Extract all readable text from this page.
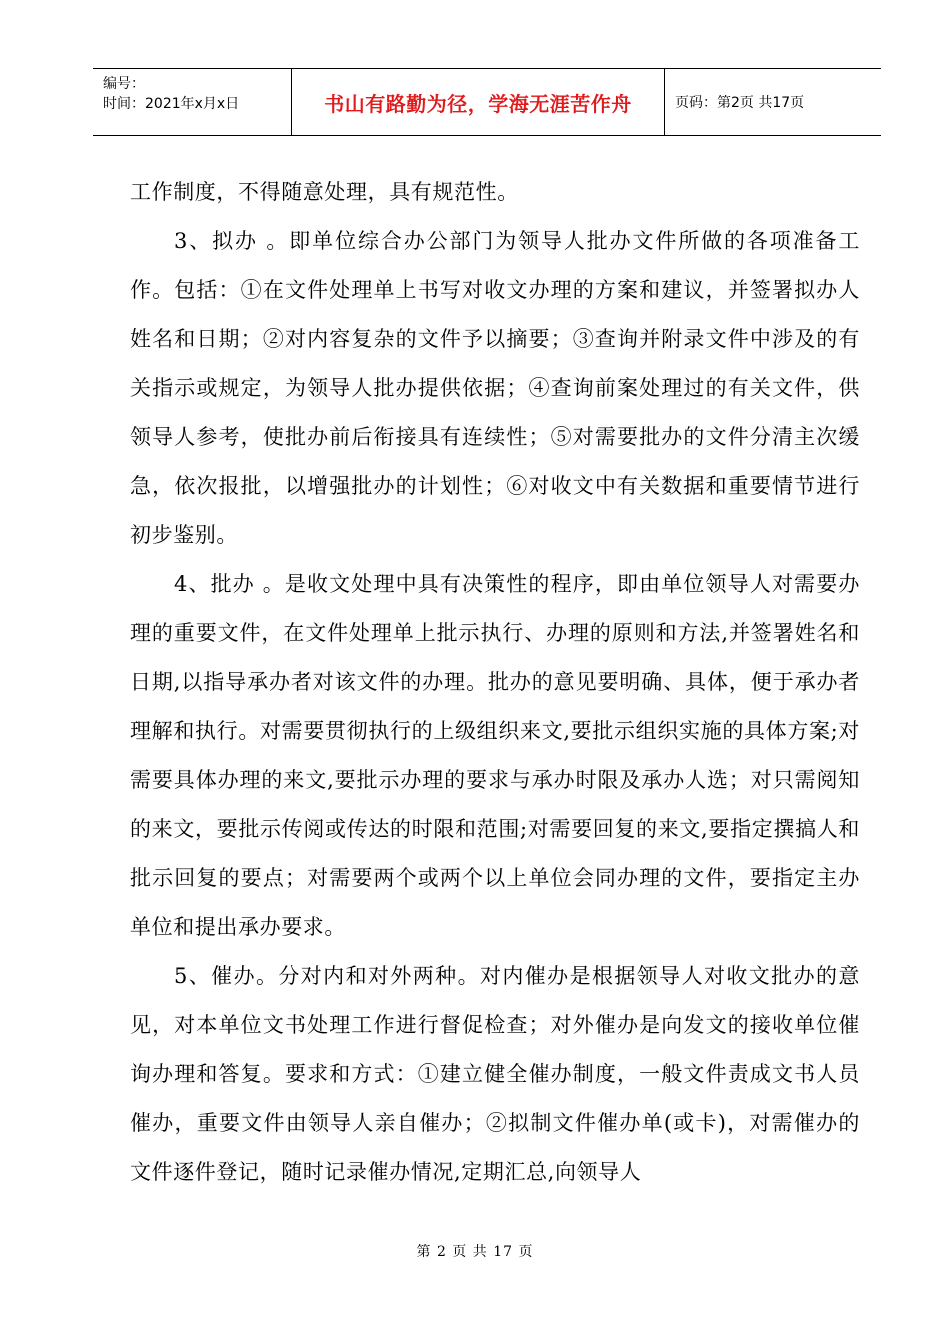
编号：
时间：2021年x月x日	书山有路勤为径，学海无涯苦作舟	页码：第2页 共17页

工作制度，不得随意处理，具有规范性。

3、拟办 。即单位综合办公部门为领导人批办文件所做的各项准备工作。包括：①在文件处理单上书写对收文办理的方案和建议，并签署拟办人姓名和日期；②对内容复杂的文件予以摘要；③查询并附录文件中涉及的有关指示或规定，为领导人批办提供依据；④查询前案处理过的有关文件，供领导人参考，使批办前后衔接具有连续性；⑤对需要批办的文件分清主次缓急，依次报批，以增强批办的计划性；⑥对收文中有关数据和重要情节进行初步鉴别。

4、批办 。是收文处理中具有决策性的程序，即由单位领导人对需要办理的重要文件，在文件处理单上批示执行、办理的原则和方法,并签署姓名和日期,以指导承办者对该文件的办理。批办的意见要明确、具体，便于承办者理解和执行。对需要贯彻执行的上级组织来文,要批示组织实施的具体方案;对需要具体办理的来文,要批示办理的要求与承办时限及承办人选；对只需阅知的来文，要批示传阅或传达的时限和范围;对需要回复的来文,要指定撰搞人和批示回复的要点；对需要两个或两个以上单位会同办理的文件，要指定主办单位和提出承办要求。

5、催办。分对内和对外两种。对内催办是根据领导人对收文批办的意见，对本单位文书处理工作进行督促检查；对外催办是向发文的接收单位催询办理和答复。要求和方式：①建立健全催办制度，一般文件责成文书人员催办，重要文件由领导人亲自催办；②拟制文件催办单(或卡)，对需催办的文件逐件登记，随时记录催办情况,定期汇总,向领导人

第 2 页 共 17 页
